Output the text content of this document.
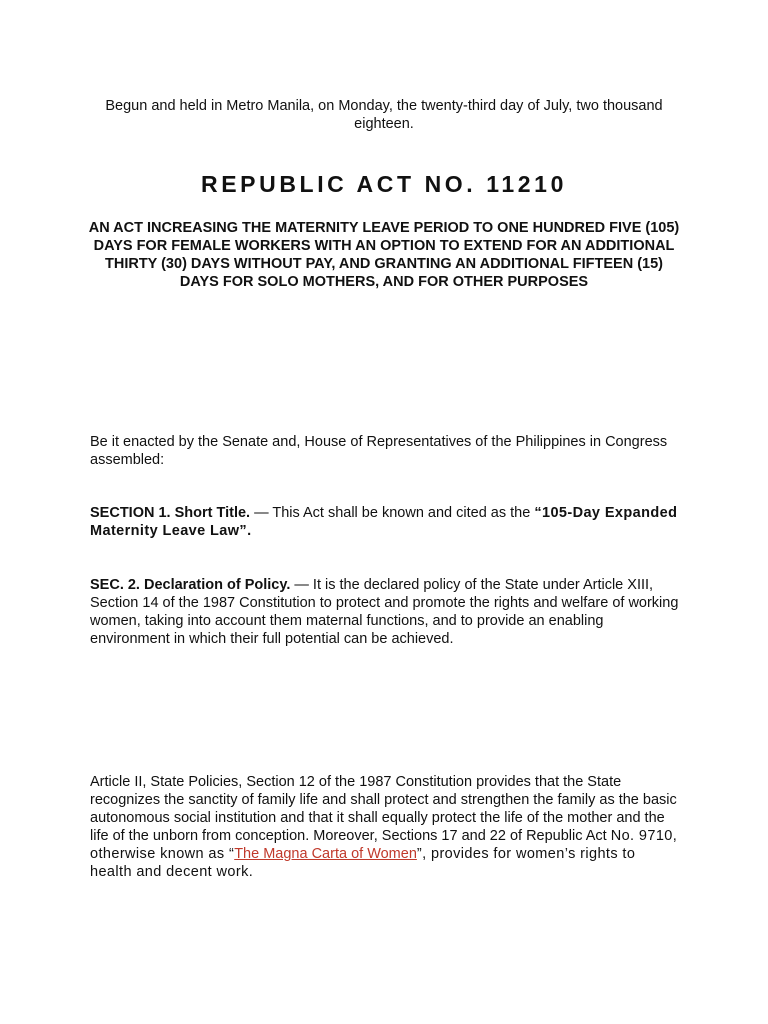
Begun and held in Metro Manila, on Monday, the twenty-third day of July, two thousand eighteen.
REPUBLIC ACT NO. 11210
AN ACT INCREASING THE MATERNITY LEAVE PERIOD TO ONE HUNDRED FIVE (105) DAYS FOR FEMALE WORKERS WITH AN OPTION TO EXTEND FOR AN ADDITIONAL THIRTY (30) DAYS WITHOUT PAY, AND GRANTING AN ADDITIONAL FIFTEEN (15) DAYS FOR SOLO MOTHERS, AND FOR OTHER PURPOSES
Be it enacted by the Senate and, House of Representatives of the Philippines in Congress assembled:
SECTION 1. Short Title. — This Act shall be known and cited as the “105-Day Expanded Maternity Leave Law”.
SEC. 2. Declaration of Policy. — It is the declared policy of the State under Article XIII, Section 14 of the 1987 Constitution to protect and promote the rights and welfare of working women, taking into account them maternal functions, and to provide an enabling environment in which their full potential can be achieved.
Article II, State Policies, Section 12 of the 1987 Constitution provides that the State recognizes the sanctity of family life and shall protect and strengthen the family as the basic autonomous social institution and that it shall equally protect the life of the mother and the life of the unborn from conception. Moreover, Sections 17 and 22 of Republic Act No. 9710, otherwise known as “The Magna Carta of Women”, provides for women’s rights to health and decent work.
